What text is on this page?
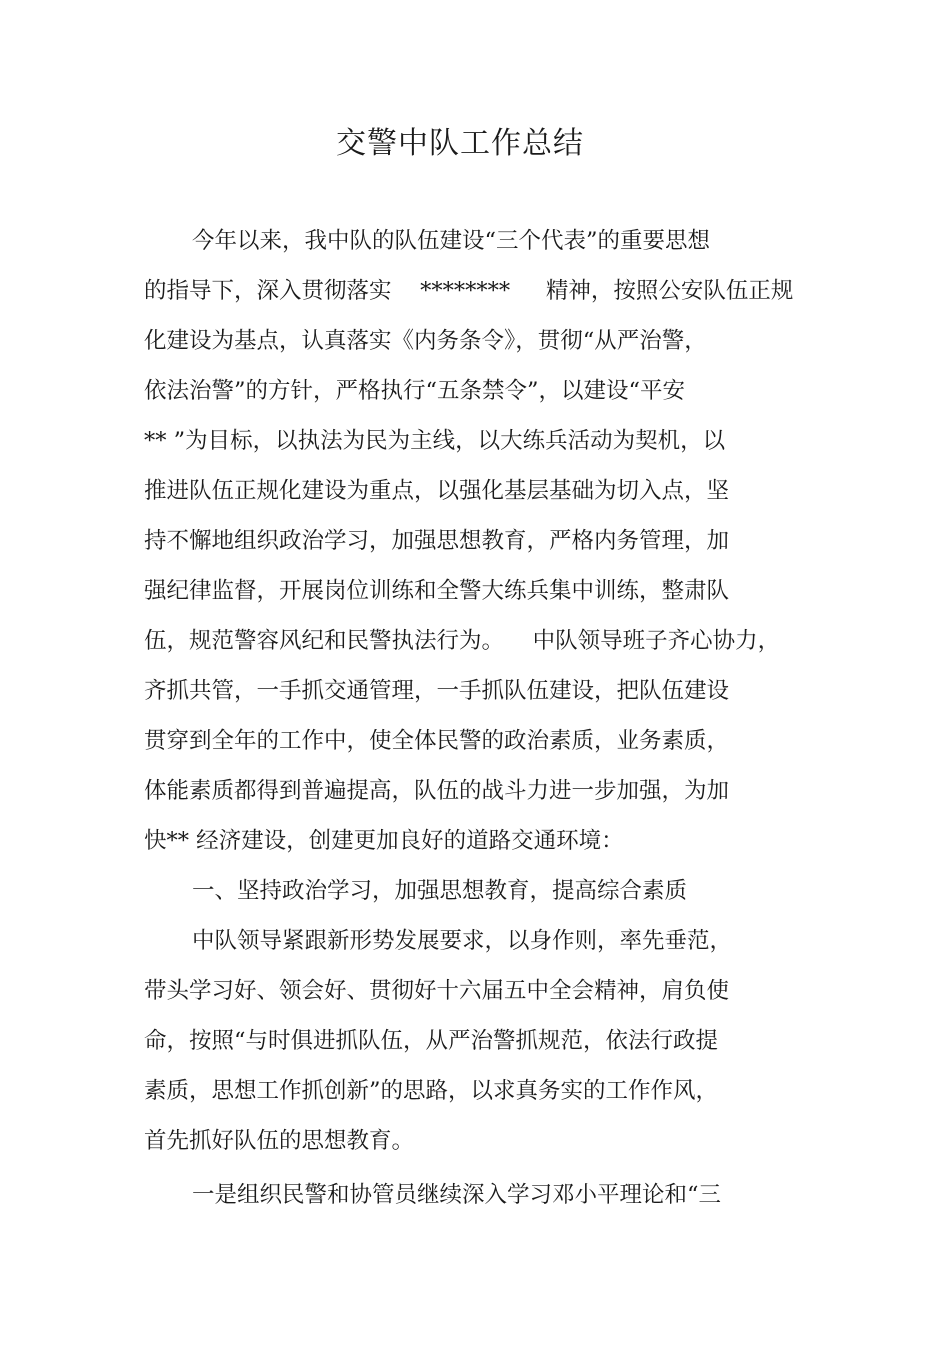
交警中队工作总结
今年以来，我中队的队伍建设“三个代表”的重要思想
的指导下，深入贯彻落实    ********     精神，按照公安队伍正规
化建设为基点，认真落实《内务条令》，贯彻“从严治警，
依法治警”的方针，严格执行“五条禁令”，以建设“平安
** ”为目标，以执法为民为主线，以大练兵活动为契机，以
推进队伍正规化建设为重点，以强化基层基础为切入点，坚
持不懈地组织政治学习，加强思想教育，严格内务管理，加
强纪律监督，开展岗位训练和全警大练兵集中训练，整肃队
伍，规范警容风纪和民警执法行为。    中队领导班子齐心协力，
齐抓共管，一手抓交通管理，一手抓队伍建设，把队伍建设
贯穿到全年的工作中，使全体民警的政治素质，业务素质，
体能素质都得到普遍提高，队伍的战斗力进一步加强，为加
快** 经济建设，创建更加良好的道路交通环境：
一、坚持政治学习，加强思想教育，提高综合素质
中队领导紧跟新形势发展要求，以身作则，率先垂范，
带头学习好、领会好、贯彻好十六届五中全会精神，肩负使
命，按照“与时俱进抓队伍，从严治警抓规范，依法行政提
素质，思想工作抓创新”的思路，以求真务实的工作作风，
首先抓好队伍的思想教育。
一是组织民警和协管员继续深入学习邓小平理论和“三
